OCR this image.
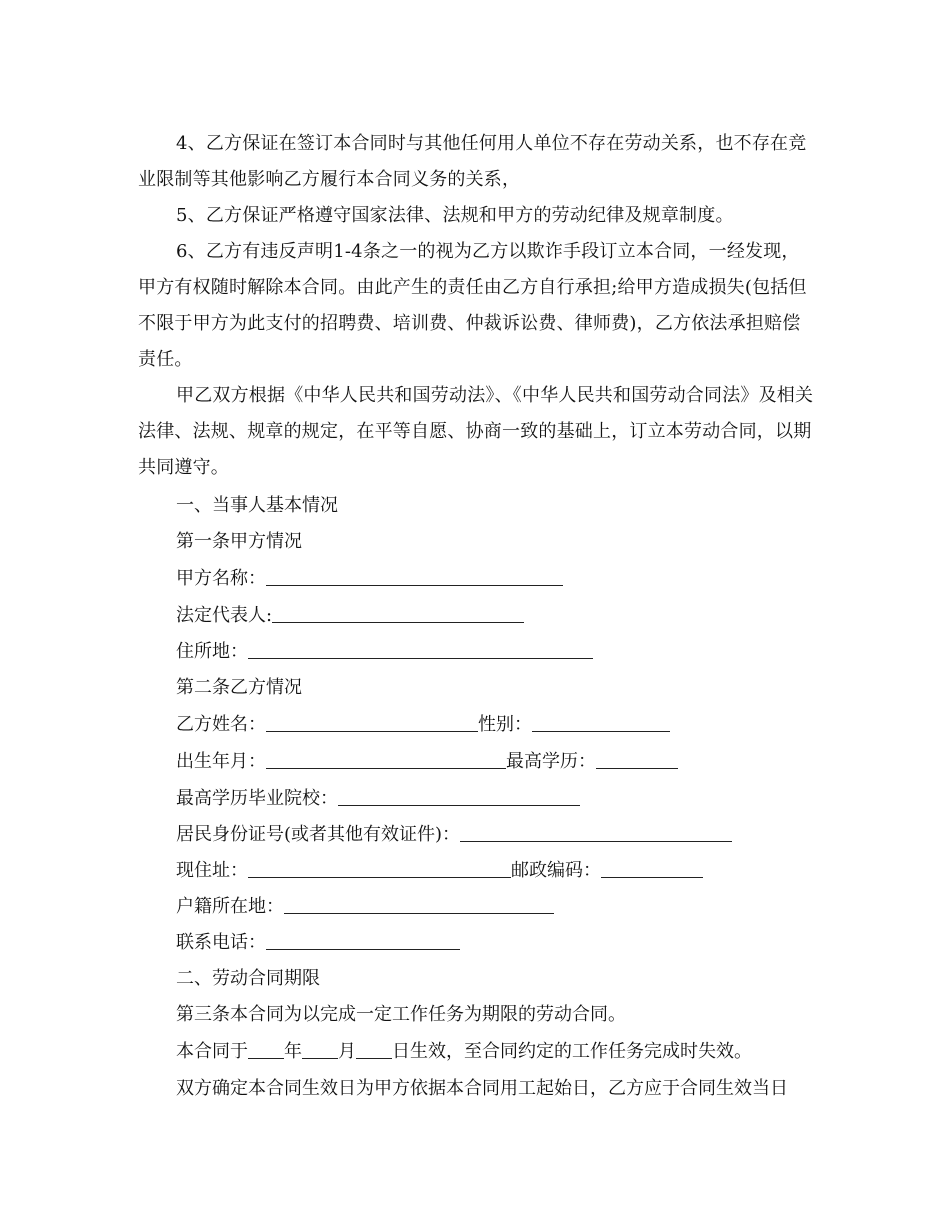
4、乙方保证在签订本合同时与其他任何用人单位不存在劳动关系，也不存在竞业限制等其他影响乙方履行本合同义务的关系，

5、乙方保证严格遵守国家法律、法规和甲方的劳动纪律及规章制度。

6、乙方有违反声明1-4条之一的视为乙方以欺诈手段订立本合同，一经发现，甲方有权随时解除本合同。由此产生的责任由乙方自行承担;给甲方造成损失(包括但不限于甲方为此支付的招聘费、培训费、仲裁诉讼费、律师费)，乙方依法承担赔偿责任。

甲乙双方根据《中华人民共和国劳动法》、《中华人民共和国劳动合同法》及相关法律、法规、规章的规定，在平等自愿、协商一致的基础上，订立本劳动合同，以期共同遵守。

一、当事人基本情况

第一条甲方情况

甲方名称：

法定代表人:

住所地：

第二条乙方情况

乙方姓名：	性别：

出生年月：	最高学历：

最高学历毕业院校：

居民身份证号(或者其他有效证件)：

现住址：	邮政编码：

户籍所在地：

联系电话：

二、劳动合同期限

第三条本合同为以完成一定工作任务为期限的劳动合同。

本合同于 年 月 日生效，至合同约定的工作任务完成时失效。

双方确定本合同生效日为甲方依据本合同用工起始日，乙方应于合同生效当日
